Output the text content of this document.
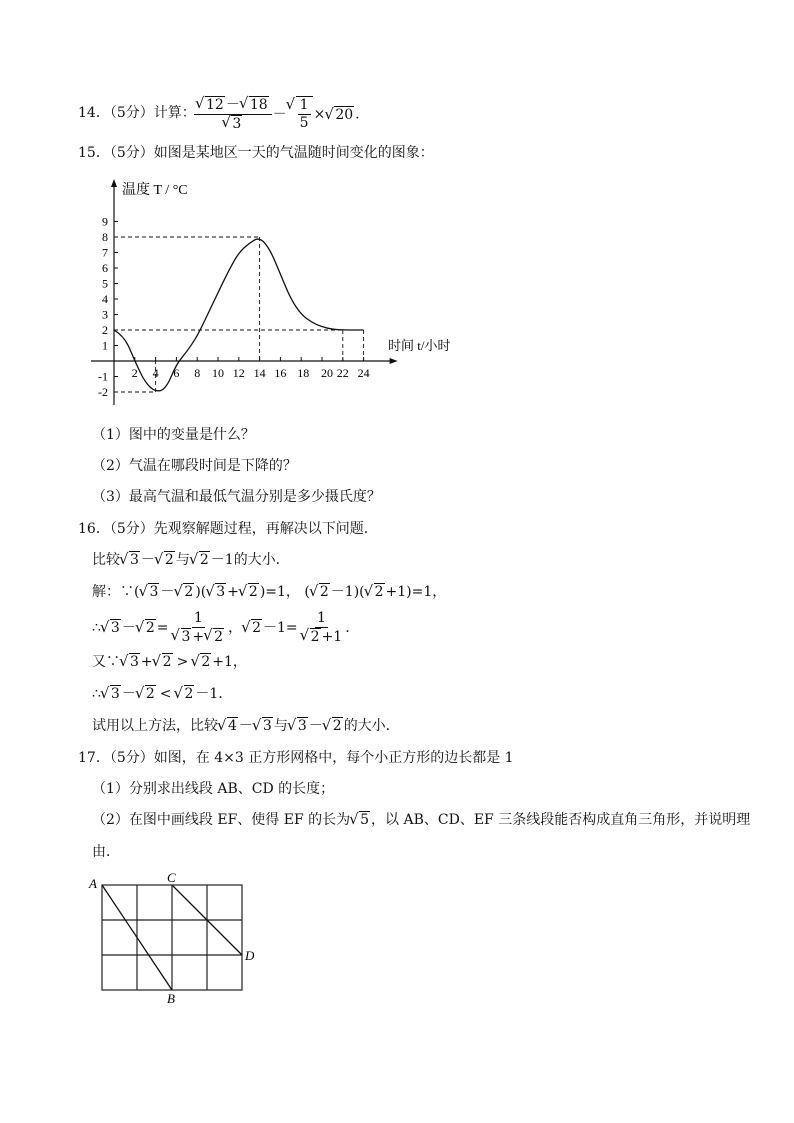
14．（5分）计算：
√ 12 － √ 18
√ 3 － √ $\frac{1}{5}$ × √ 20 .
15．（5分）如图是某地区一天的气温随时间变化的图象：
温度 T / °C
时间 t/小时
9
8
7
6
5
4
3
2
1
-1
-2
2 4 6 8 10 12 14 16 18 20 22 24
（1）图中的变量是什么？
（2）气温在哪段时间是下降的？
（3）最高气温和最低气温分别是多少摄氏度？
16．（5分）先观察解题过程，再解决以下问题．
比较 √ 3 － √ 2 与 √ 2 －1的大小．
解：∵( √ 3 － √ 2 )( √ 3 + √ 2 )=1， ( √ 2 －1)( √ 2 +1)=1，
∴ √ 3 － √ 2 = 1
√ 3 + √ 2 ， √ 2 －1= 1
√ 2 +1 .
又∵ √ 3 + √ 2 > √ 2 +1，
∴ √ 3 － √ 2 < √ 2 －1．
试用以上方法，比较 √ 4 － √ 3 与 √ 3 － √ 2 的大小．
17．（5分）如图，在 4×3 正方形网格中，每个小正方形的边长都是 1
（1）分别求出线段 AB、CD 的长度；
（2）在图中画线段 EF、使得 EF 的长为 √ 5 ，以 AB、CD、EF 三条线段能否构成直角三角形，并说明理
由．
A
B
C
D
